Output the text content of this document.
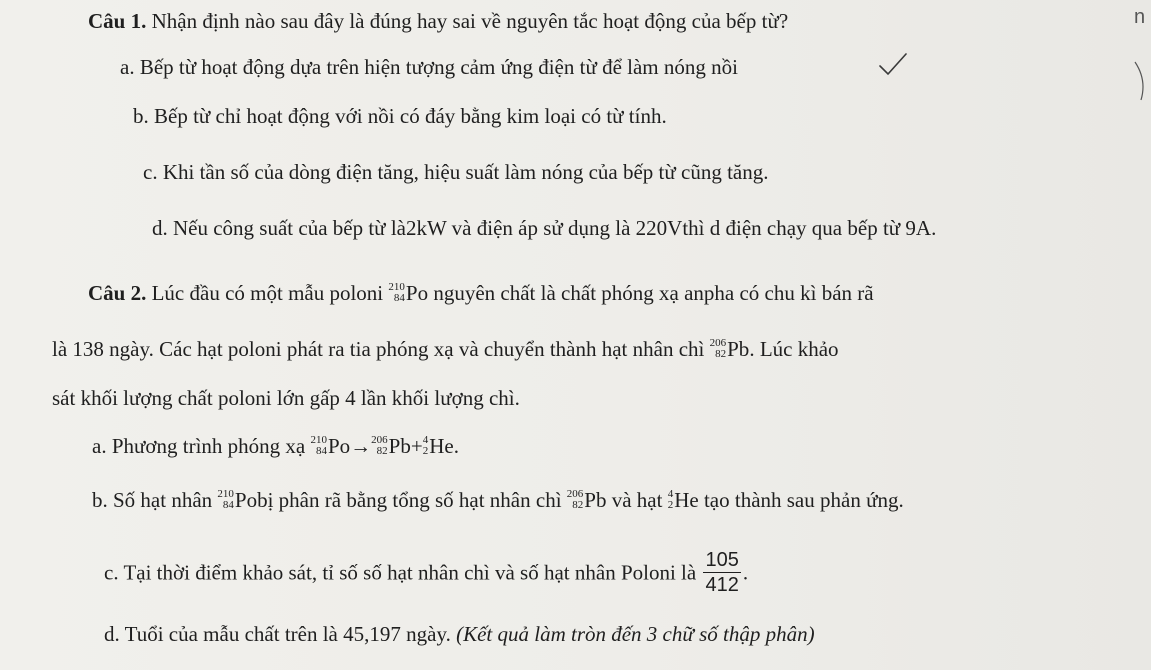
n
Câu 1. Nhận định nào sau đây là đúng hay sai về nguyên tắc hoạt động của bếp từ?
a. Bếp từ hoạt động dựa trên hiện tượng cảm ứng điện từ để làm nóng nồi
b. Bếp từ chỉ hoạt động với nồi có đáy bằng kim loại có từ tính.
c. Khi tần số của dòng điện tăng, hiệu suất làm nóng của bếp từ cũng tăng.
d. Nếu công suất của bếp từ là2kW và điện áp sử dụng là 220Vthì d điện chạy qua bếp từ 9A.
Câu 2. Lúc đầu có một mẫu poloni 210
84 Po nguyên chất là chất phóng xạ anpha có chu kì bán rã
là 138 ngày. Các hạt poloni phát ra tia phóng xạ và chuyển thành hạt nhân chì 206
82 Pb. Lúc khảo
sát khối lượng chất poloni lớn gấp 4 lần khối lượng chì.
a. Phương trình phóng xạ 210
84 Po→ 206
82 Pb+ 4
2 He.
b. Số hạt nhân 210
84 Pobị phân rã bằng tổng số hạt nhân chì 206
82 Pb và hạt 4
2 He tạo thành sau phản ứng.
c. Tại thời điểm khảo sát, tỉ số số hạt nhân chì và số hạt nhân Poloni là $\frac{105}{412}$ .
d. Tuổi của mẫu chất trên là 45,197 ngày. (Kết quả làm tròn đến 3 chữ số thập phân)
